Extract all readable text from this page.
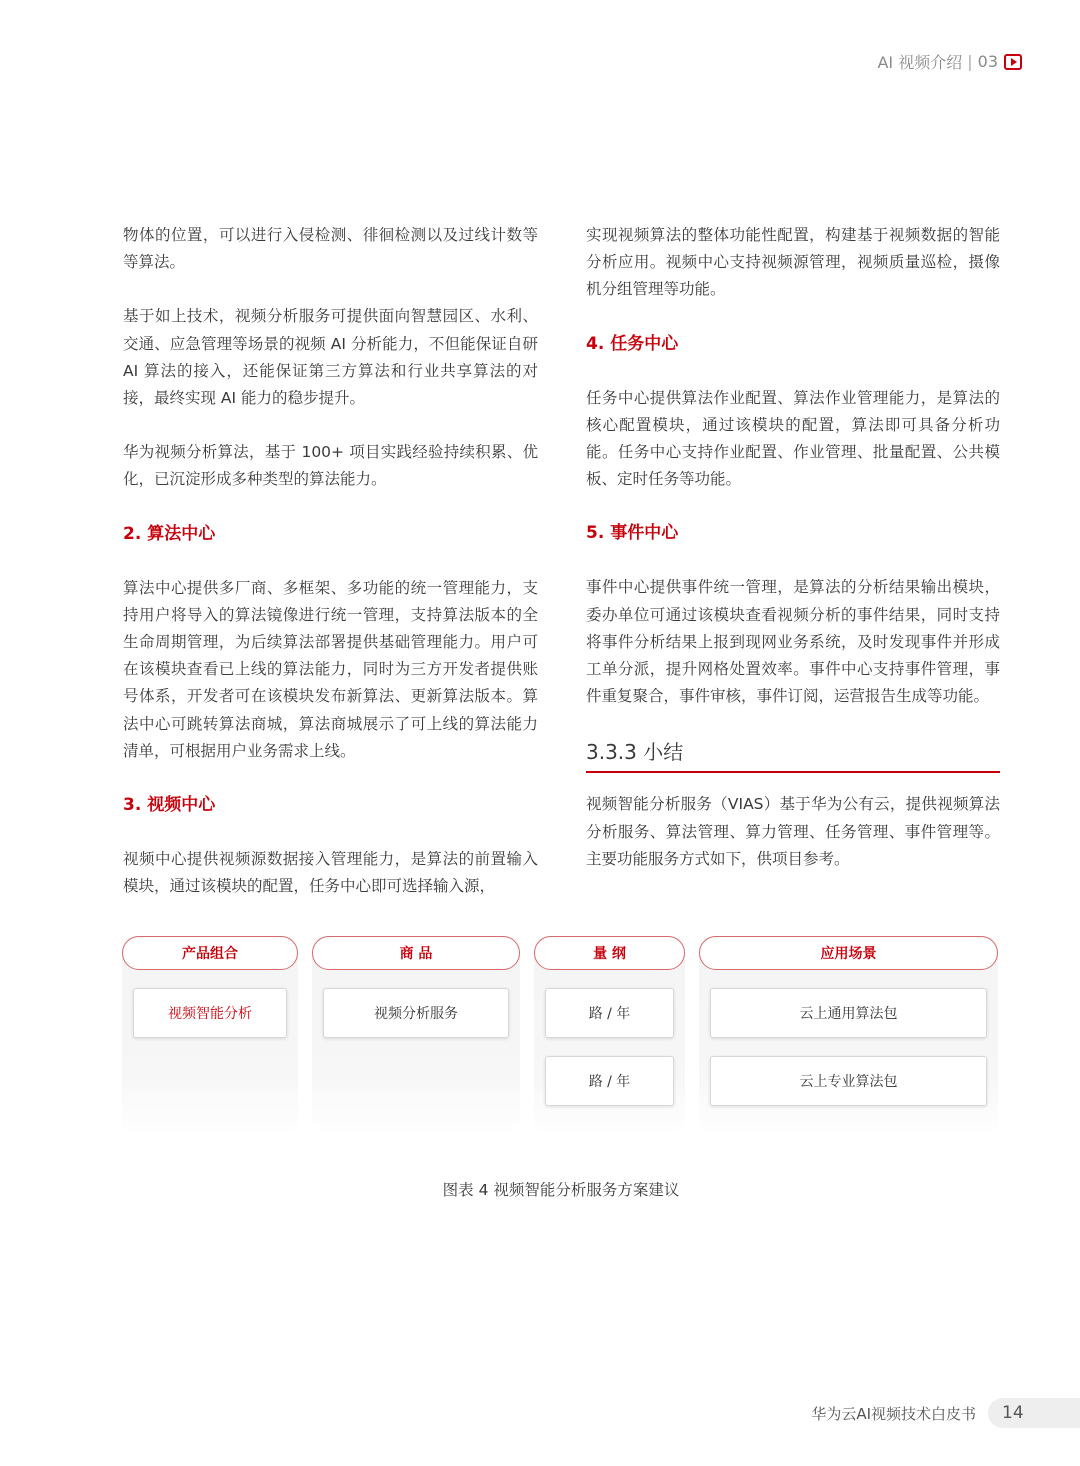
AI 视频介绍 | 03

物体的位置，可以进行入侵检测、徘徊检测以及过线计数等等算法。

基于如上技术，视频分析服务可提供面向智慧园区、水利、交通、应急管理等场景的视频 AI 分析能力，不但能保证自研 AI 算法的接入，还能保证第三方算法和行业共享算法的对接，最终实现 AI 能力的稳步提升。

华为视频分析算法，基于 100+ 项目实践经验持续积累、优化，已沉淀形成多种类型的算法能力。

2. 算法中心

算法中心提供多厂商、多框架、多功能的统一管理能力，支持用户将导入的算法镜像进行统一管理，支持算法版本的全生命周期管理，为后续算法部署提供基础管理能力。用户可在该模块查看已上线的算法能力，同时为三方开发者提供账号体系，开发者可在该模块发布新算法、更新算法版本。算法中心可跳转算法商城，算法商城展示了可上线的算法能力清单，可根据用户业务需求上线。

3. 视频中心

视频中心提供视频源数据接入管理能力，是算法的前置输入模块，通过该模块的配置，任务中心即可选择输入源，

实现视频算法的整体功能性配置，构建基于视频数据的智能分析应用。视频中心支持视频源管理，视频质量巡检，摄像机分组管理等功能。

4. 任务中心

任务中心提供算法作业配置、算法作业管理能力，是算法的核心配置模块，通过该模块的配置，算法即可具备分析功能。任务中心支持作业配置、作业管理、批量配置、公共模板、定时任务等功能。

5. 事件中心

事件中心提供事件统一管理，是算法的分析结果输出模块，委办单位可通过该模块查看视频分析的事件结果，同时支持将事件分析结果上报到现网业务系统，及时发现事件并形成工单分派，提升网格处置效率。事件中心支持事件管理，事件重复聚合，事件审核，事件订阅，运营报告生成等功能。

3.3.3 小结

视频智能分析服务（VIAS）基于华为公有云，提供视频算法分析服务、算法管理、算力管理、任务管理、事件管理等。主要功能服务方式如下，供项目参考。

产品组合
视频智能分析
商 品
视频分析服务
量 纲
路 / 年
路 / 年
应用场景
云上通用算法包
云上专业算法包
图表 4 视频智能分析服务方案建议
华为云AI视频技术白皮书	14
